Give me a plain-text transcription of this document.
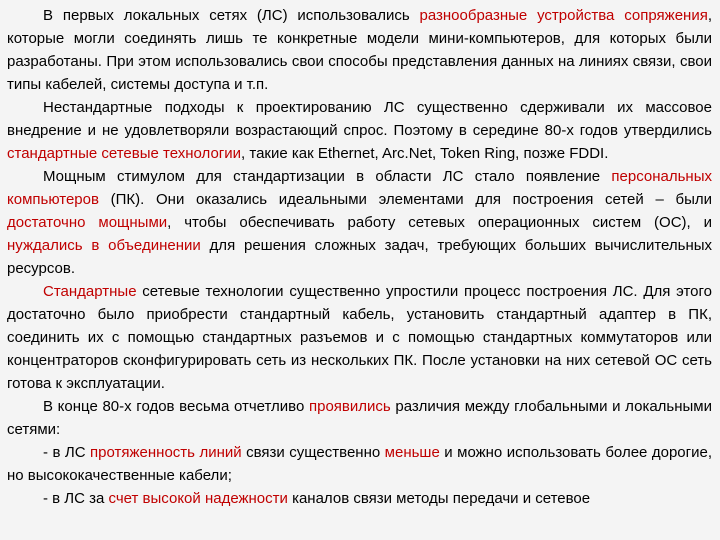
В первых локальных сетях (ЛС) использовались разнообразные устройства сопряжения, которые могли соединять лишь те конкретные модели мини-компьютеров, для которых были разработаны. При этом использовались свои способы представления данных на линиях связи, свои типы кабелей, системы доступа и т.п.

Нестандартные подходы к проектированию ЛС существенно сдерживали их массовое внедрение и не удовлетворяли возрастающий спрос. Поэтому в середине 80-х годов утвердились стандартные сетевые технологии, такие как Ethernet, Arc.Net, Token Ring, позже FDDI.

Мощным стимулом для стандартизации в области ЛС стало появление персональных компьютеров (ПК). Они оказались идеальными элементами для построения сетей – были достаточно мощными, чтобы обеспечивать работу сетевых операционных систем (ОС), и нуждались в объединении для решения сложных задач, требующих больших вычислительных ресурсов.

Стандартные сетевые технологии существенно упростили процесс построения ЛС. Для этого достаточно было приобрести стандартный кабель, установить стандартный адаптер в ПК, соединить их с помощью стандартных разъемов и с помощью стандартных коммутаторов или концентраторов сконфигурировать сеть из нескольких ПК. После установки на них сетевой ОС сеть готова к эксплуатации.

В конце 80-х годов весьма отчетливо проявились различия между глобальными и локальными сетями:

- в ЛС протяженность линий связи существенно меньше и можно использовать более дорогие, но высококачественные кабели;

- в ЛС за счет высокой надежности каналов связи методы передачи и сетевое
